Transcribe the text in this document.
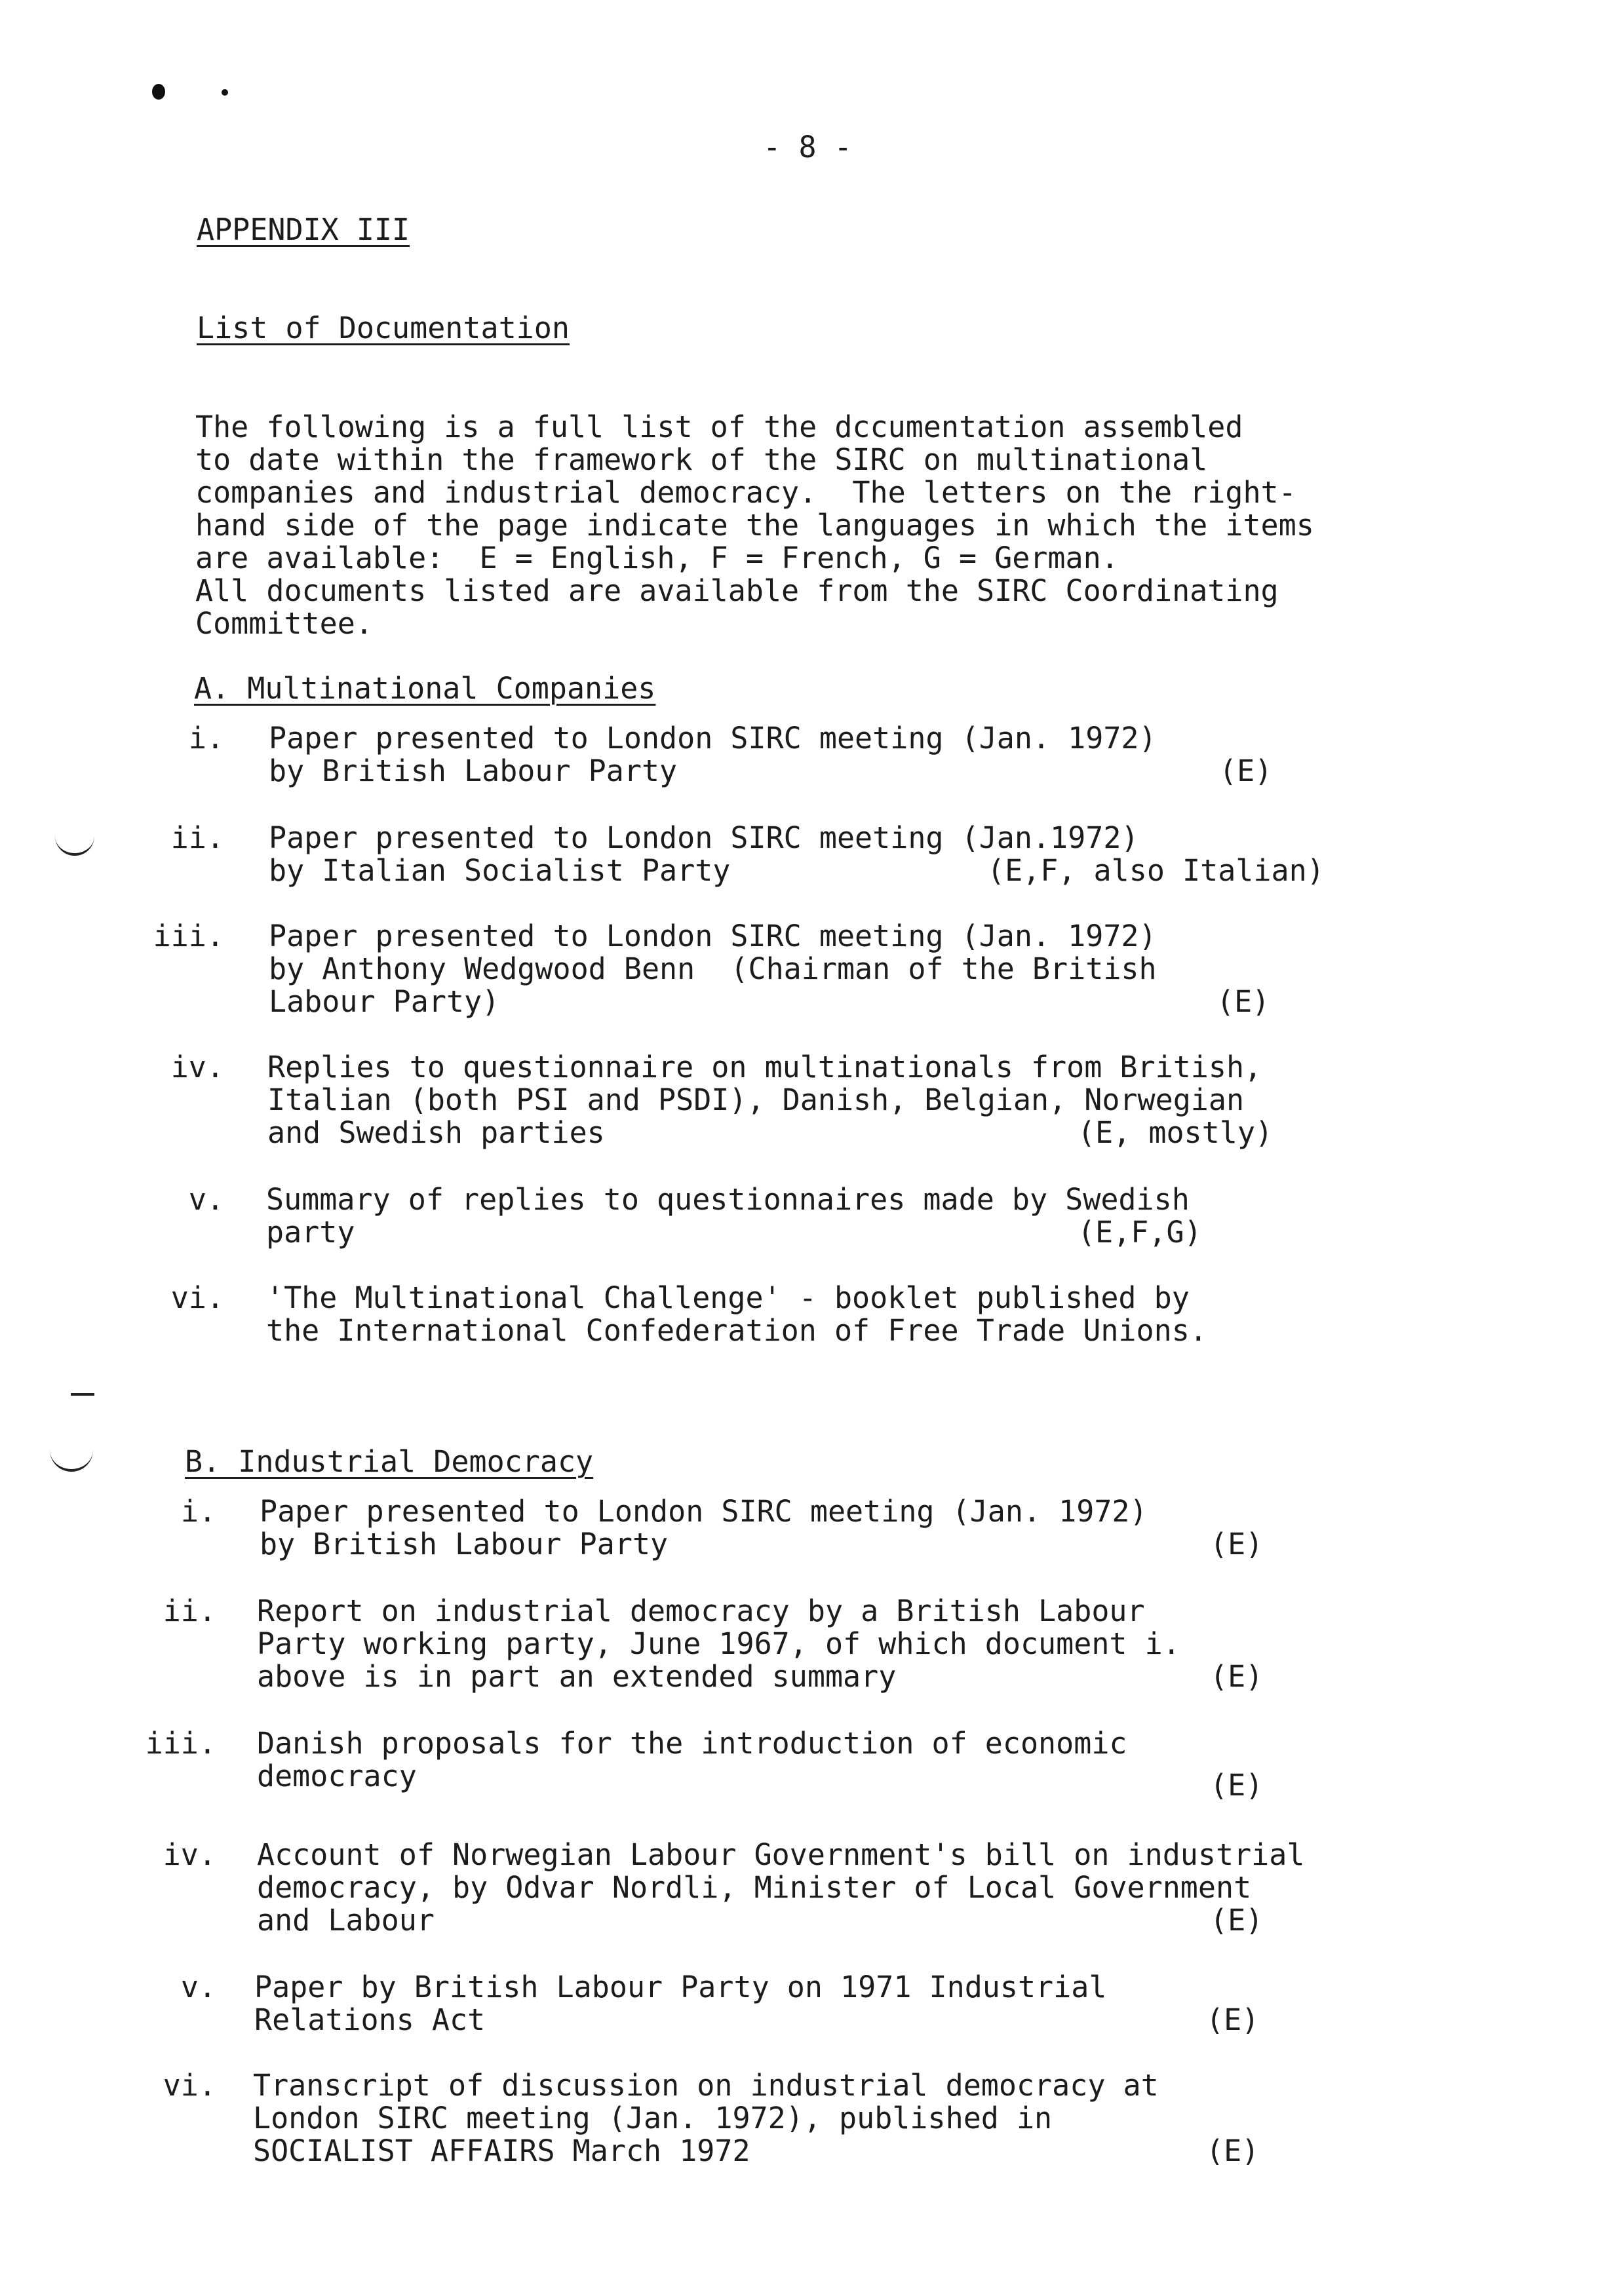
- 8 -
APPENDIX III
List of Documentation
The following is a full list of the dccumentation assembled
to date within the framework of the SIRC on multinational
companies and industrial democracy.  The letters on the right-
hand side of the page indicate the languages in which the items
are available:  E = English, F = French, G = German.
All documents listed are available from the SIRC Coordinating
Committee.
A. Multinational Companies
i. Paper presented to London SIRC meeting (Jan. 1972)
by British Labour Party	(E)
ii. Paper presented to London SIRC meeting (Jan.1972)
by Italian Socialist Party	(E,F, also Italian)
iii. Paper presented to London SIRC meeting (Jan. 1972)
by Anthony Wedgwood Benn  (Chairman of the British
Labour Party)	(E)
iv. Replies to questionnaire on multinationals from British,
Italian (both PSI and PSDI), Danish, Belgian, Norwegian
and Swedish parties	(E, mostly)
v. Summary of replies to questionnaires made by Swedish
party	(E,F,G)
vi. 'The Multinational Challenge' - booklet published by
the International Confederation of Free Trade Unions.
B. Industrial Democracy
i. Paper presented to London SIRC meeting (Jan. 1972)
by British Labour Party	(E)
ii. Report on industrial democracy by a British Labour
Party working party, June 1967, of which document i.
above is in part an extended summary	(E)
iii. Danish proposals for the introduction of economic
democracy	(E)
iv. Account of Norwegian Labour Government's bill on industrial
democracy, by Odvar Nordli, Minister of Local Government
and Labour	(E)
v. Paper by British Labour Party on 1971 Industrial
Relations Act	(E)
vi. Transcript of discussion on industrial democracy at
London SIRC meeting (Jan. 1972), published in
SOCIALIST AFFAIRS March 1972	(E)
